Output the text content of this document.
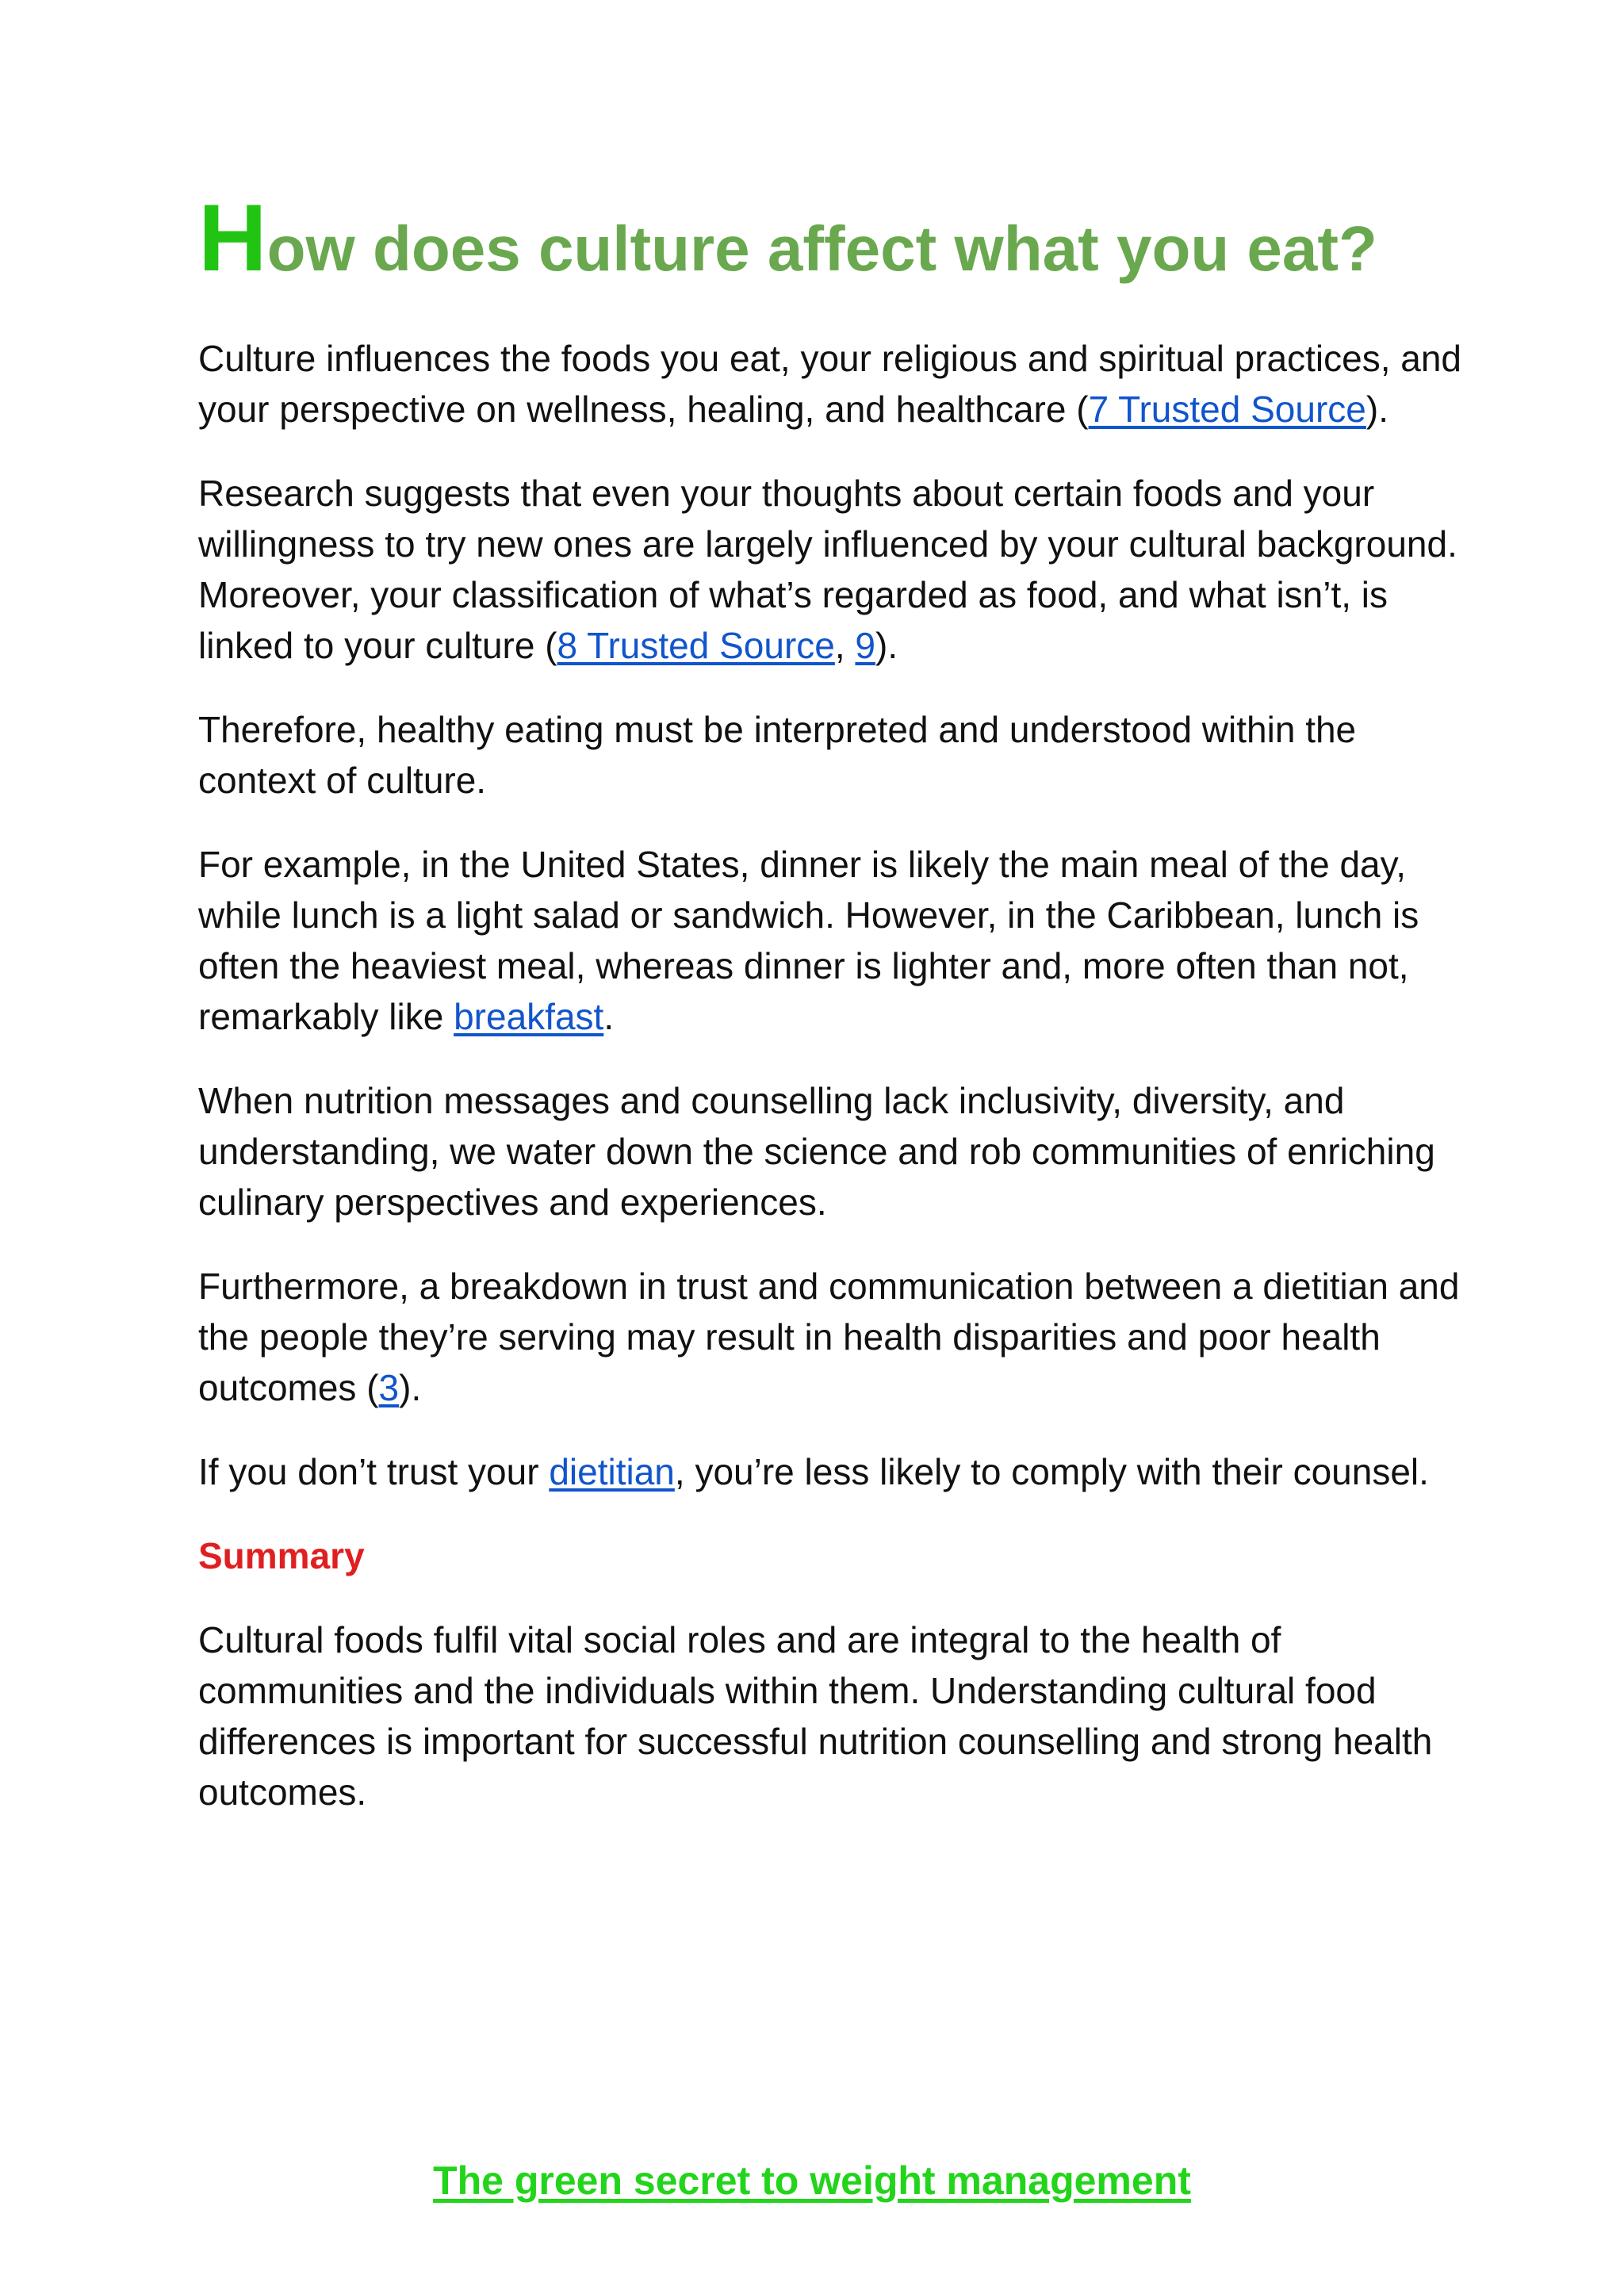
How does culture affect what you eat?

Culture influences the foods you eat, your religious and spiritual practices, and your perspective on wellness, healing, and healthcare (7 Trusted Source).

Research suggests that even your thoughts about certain foods and your willingness to try new ones are largely influenced by your cultural background. Moreover, your classification of what’s regarded as food, and what isn’t, is linked to your culture (8 Trusted Source, 9).

Therefore, healthy eating must be interpreted and understood within the context of culture.

For example, in the United States, dinner is likely the main meal of the day, while lunch is a light salad or sandwich. However, in the Caribbean, lunch is often the heaviest meal, whereas dinner is lighter and, more often than not, remarkably like breakfast.

When nutrition messages and counselling lack inclusivity, diversity, and understanding, we water down the science and rob communities of enriching culinary perspectives and experiences.

Furthermore, a breakdown in trust and communication between a dietitian and the people they’re serving may result in health disparities and poor health outcomes (3).

If you don’t trust your dietitian, you’re less likely to comply with their counsel.

Summary

Cultural foods fulfil vital social roles and are integral to the health of communities and the individuals within them. Understanding cultural food differences is important for successful nutrition counselling and strong health outcomes.

The green secret to weight management
